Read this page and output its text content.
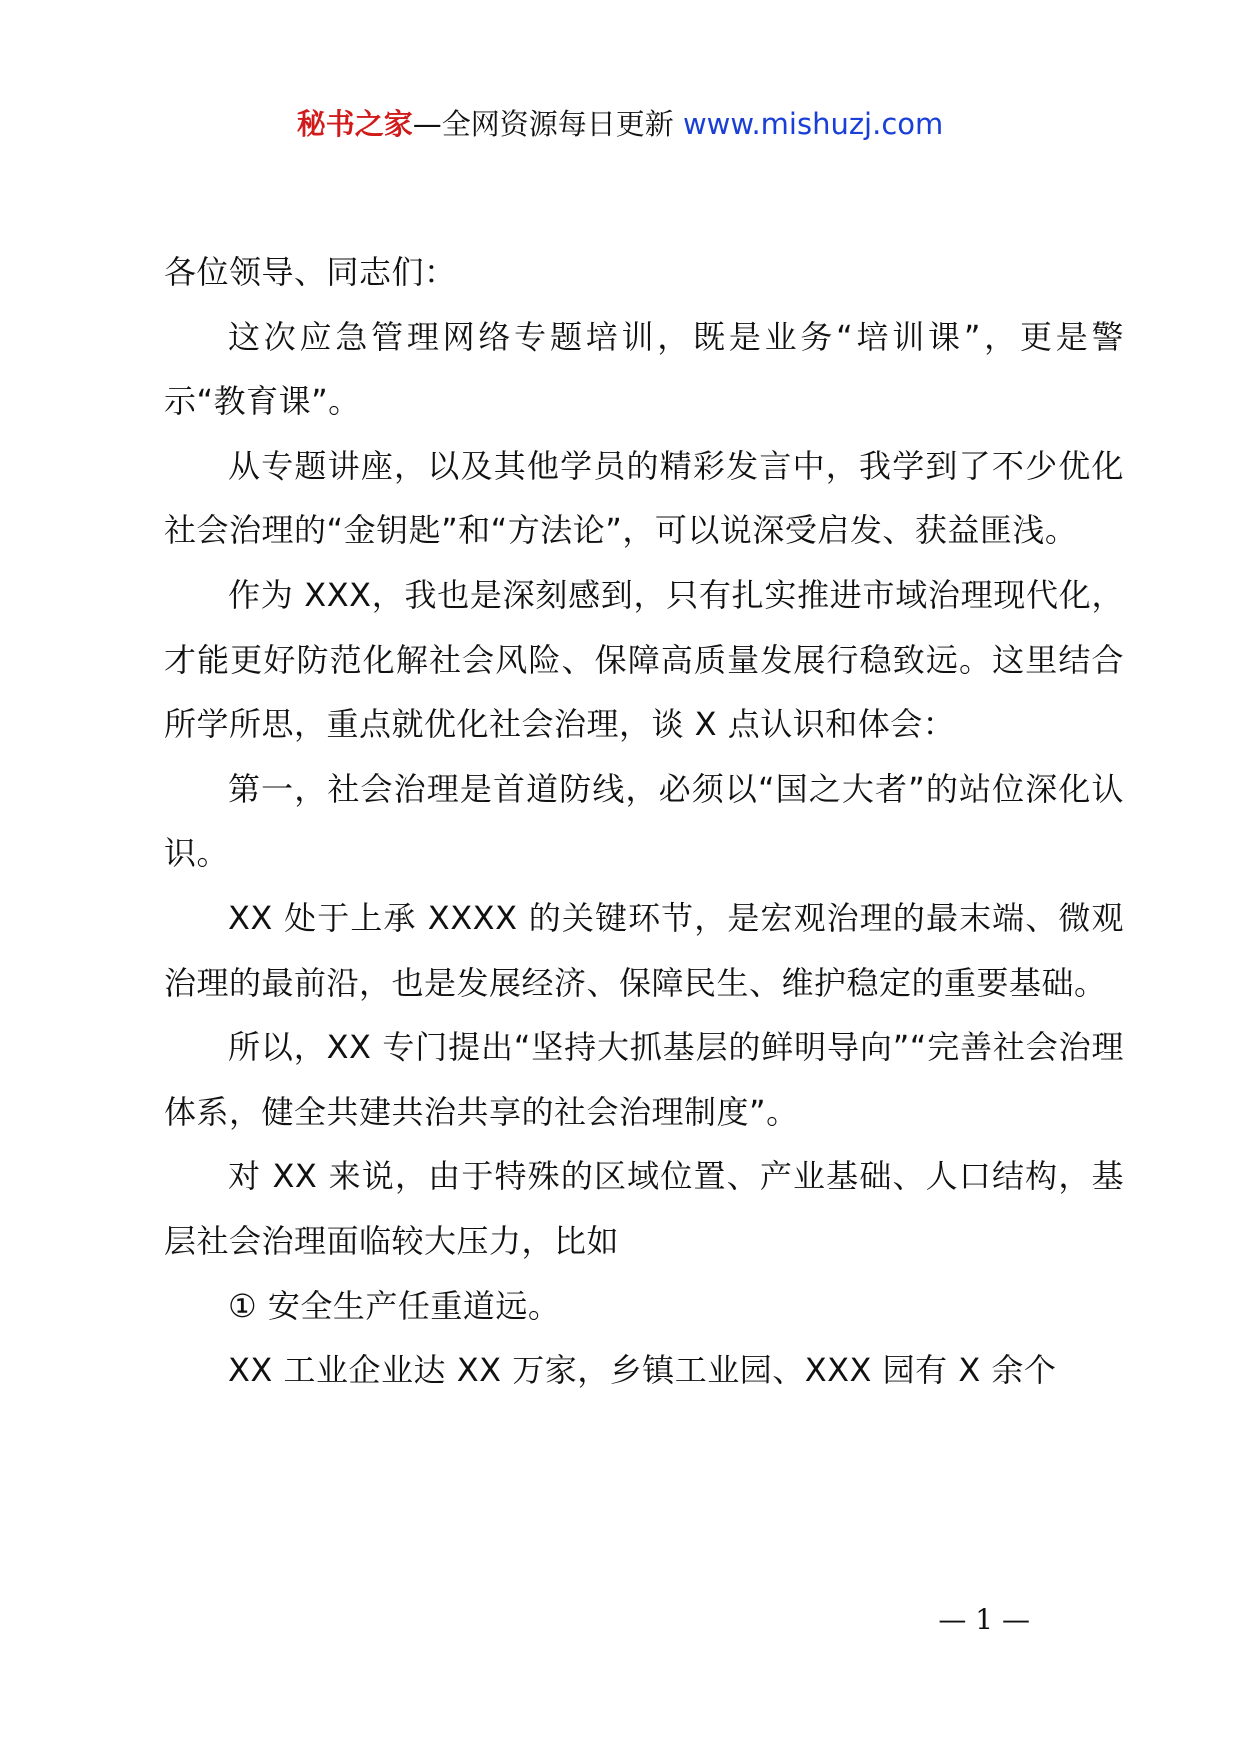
秘书之家—全网资源每日更新 www.mishuzj.com

各位领导、同志们：

这次应急管理网络专题培训，既是业务“培训课”，更是警示“教育课”。

从专题讲座，以及其他学员的精彩发言中，我学到了不少优化社会治理的“金钥匙”和“方法论”，可以说深受启发、获益匪浅。

作为 XXX，我也是深刻感到，只有扎实推进市域治理现代化，才能更好防范化解社会风险、保障高质量发展行稳致远。这里结合所学所思，重点就优化社会治理，谈 X 点认识和体会：

第一，社会治理是首道防线，必须以“国之大者”的站位深化认识。

XX 处于上承 XXXX 的关键环节，是宏观治理的最末端、微观治理的最前沿，也是发展经济、保障民生、维护稳定的重要基础。

所以，XX 专门提出“坚持大抓基层的鲜明导向”“完善社会治理体系，健全共建共治共享的社会治理制度”。

对 XX 来说，由于特殊的区域位置、产业基础、人口结构，基层社会治理面临较大压力，比如

① 安全生产任重道远。

XX 工业企业达 XX 万家，乡镇工业园、XXX 园有 X 余个

— 1 —
